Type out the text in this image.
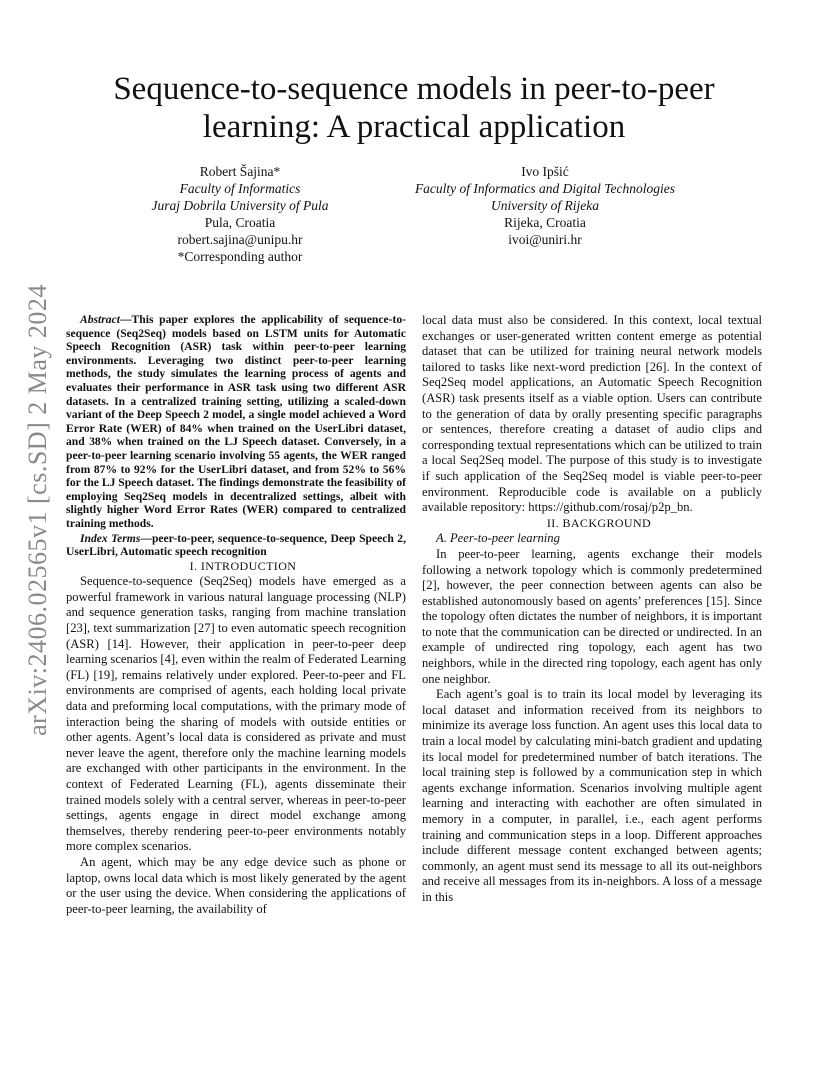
arXiv:2406.02565v1 [cs.SD] 2 May 2024
Sequence-to-sequence models in peer-to-peer learning: A practical application
Robert Šajina*
Faculty of Informatics
Juraj Dobrila University of Pula
Pula, Croatia
robert.sajina@unipu.hr
*Corresponding author
Ivo Ipšić
Faculty of Informatics and Digital Technologies
University of Rijeka
Rijeka, Croatia
ivoi@uniri.hr

Abstract—This paper explores the applicability of sequence-to-sequence (Seq2Seq) models based on LSTM units for Automatic Speech Recognition (ASR) task within peer-to-peer learning environments. Leveraging two distinct peer-to-peer learning methods, the study simulates the learning process of agents and evaluates their performance in ASR task using two different ASR datasets. In a centralized training setting, utilizing a scaled-down variant of the Deep Speech 2 model, a single model achieved a Word Error Rate (WER) of 84% when trained on the UserLibri dataset, and 38% when trained on the LJ Speech dataset. Conversely, in a peer-to-peer learning scenario involving 55 agents, the WER ranged from 87% to 92% for the UserLibri dataset, and from 52% to 56% for the LJ Speech dataset. The findings demonstrate the feasibility of employing Seq2Seq models in decentralized settings, albeit with slightly higher Word Error Rates (WER) compared to centralized training methods.

Index Terms—peer-to-peer, sequence-to-sequence, Deep Speech 2, UserLibri, Automatic speech recognition

I. INTRODUCTION

Sequence-to-sequence (Seq2Seq) models have emerged as a powerful framework in various natural language processing (NLP) and sequence generation tasks, ranging from machine translation [23], text summarization [27] to even automatic speech recognition (ASR) [14]. However, their application in peer-to-peer deep learning scenarios [4], even within the realm of Federated Learning (FL) [19], remains relatively under explored. Peer-to-peer and FL environments are comprised of agents, each holding local private data and preforming local computations, with the primary mode of interaction being the sharing of models with outside entities or other agents. Agent’s local data is considered as private and must never leave the agent, therefore only the machine learning models are exchanged with other participants in the environment. In the context of Federated Learning (FL), agents disseminate their trained models solely with a central server, whereas in peer-to-peer settings, agents engage in direct model exchange among themselves, thereby rendering peer-to-peer environments notably more complex scenarios.

An agent, which may be any edge device such as phone or laptop, owns local data which is most likely generated by the agent or the user using the device. When considering the applications of peer-to-peer learning, the availability of

local data must also be considered. In this context, local textual exchanges or user-generated written content emerge as potential dataset that can be utilized for training neural network models tailored to tasks like next-word prediction [26]. In the context of Seq2Seq model applications, an Automatic Speech Recognition (ASR) task presents itself as a viable option. Users can contribute to the generation of data by orally presenting specific paragraphs or sentences, therefore creating a dataset of audio clips and corresponding textual representations which can be utilized to train a local Seq2Seq model. The purpose of this study is to investigate if such application of the Seq2Seq model is viable peer-to-peer environment. Reproducible code is available on a publicly available repository: https://github.com/rosaj/p2p_bn.

II. BACKGROUND

A. Peer-to-peer learning

In peer-to-peer learning, agents exchange their models following a network topology which is commonly predetermined [2], however, the peer connection between agents can also be established autonomously based on agents’ preferences [15]. Since the topology often dictates the number of neighbors, it is important to note that the communication can be directed or undirected. In an example of undirected ring topology, each agent has two neighbors, while in the directed ring topology, each agent has only one neighbor.

Each agent’s goal is to train its local model by leveraging its local dataset and information received from its neighbors to minimize its average loss function. An agent uses this local data to train a local model by calculating mini-batch gradient and updating its local model for predetermined number of batch iterations. The local training step is followed by a communication step in which agents exchange information. Scenarios involving multiple agent learning and interacting with eachother are often simulated in memory in a computer, in parallel, i.e., each agent performs training and communication steps in a loop. Different approaches include different message content exchanged between agents; commonly, an agent must send its message to all its out-neighbors and receive all messages from its in-neighbors. A loss of a message in this
